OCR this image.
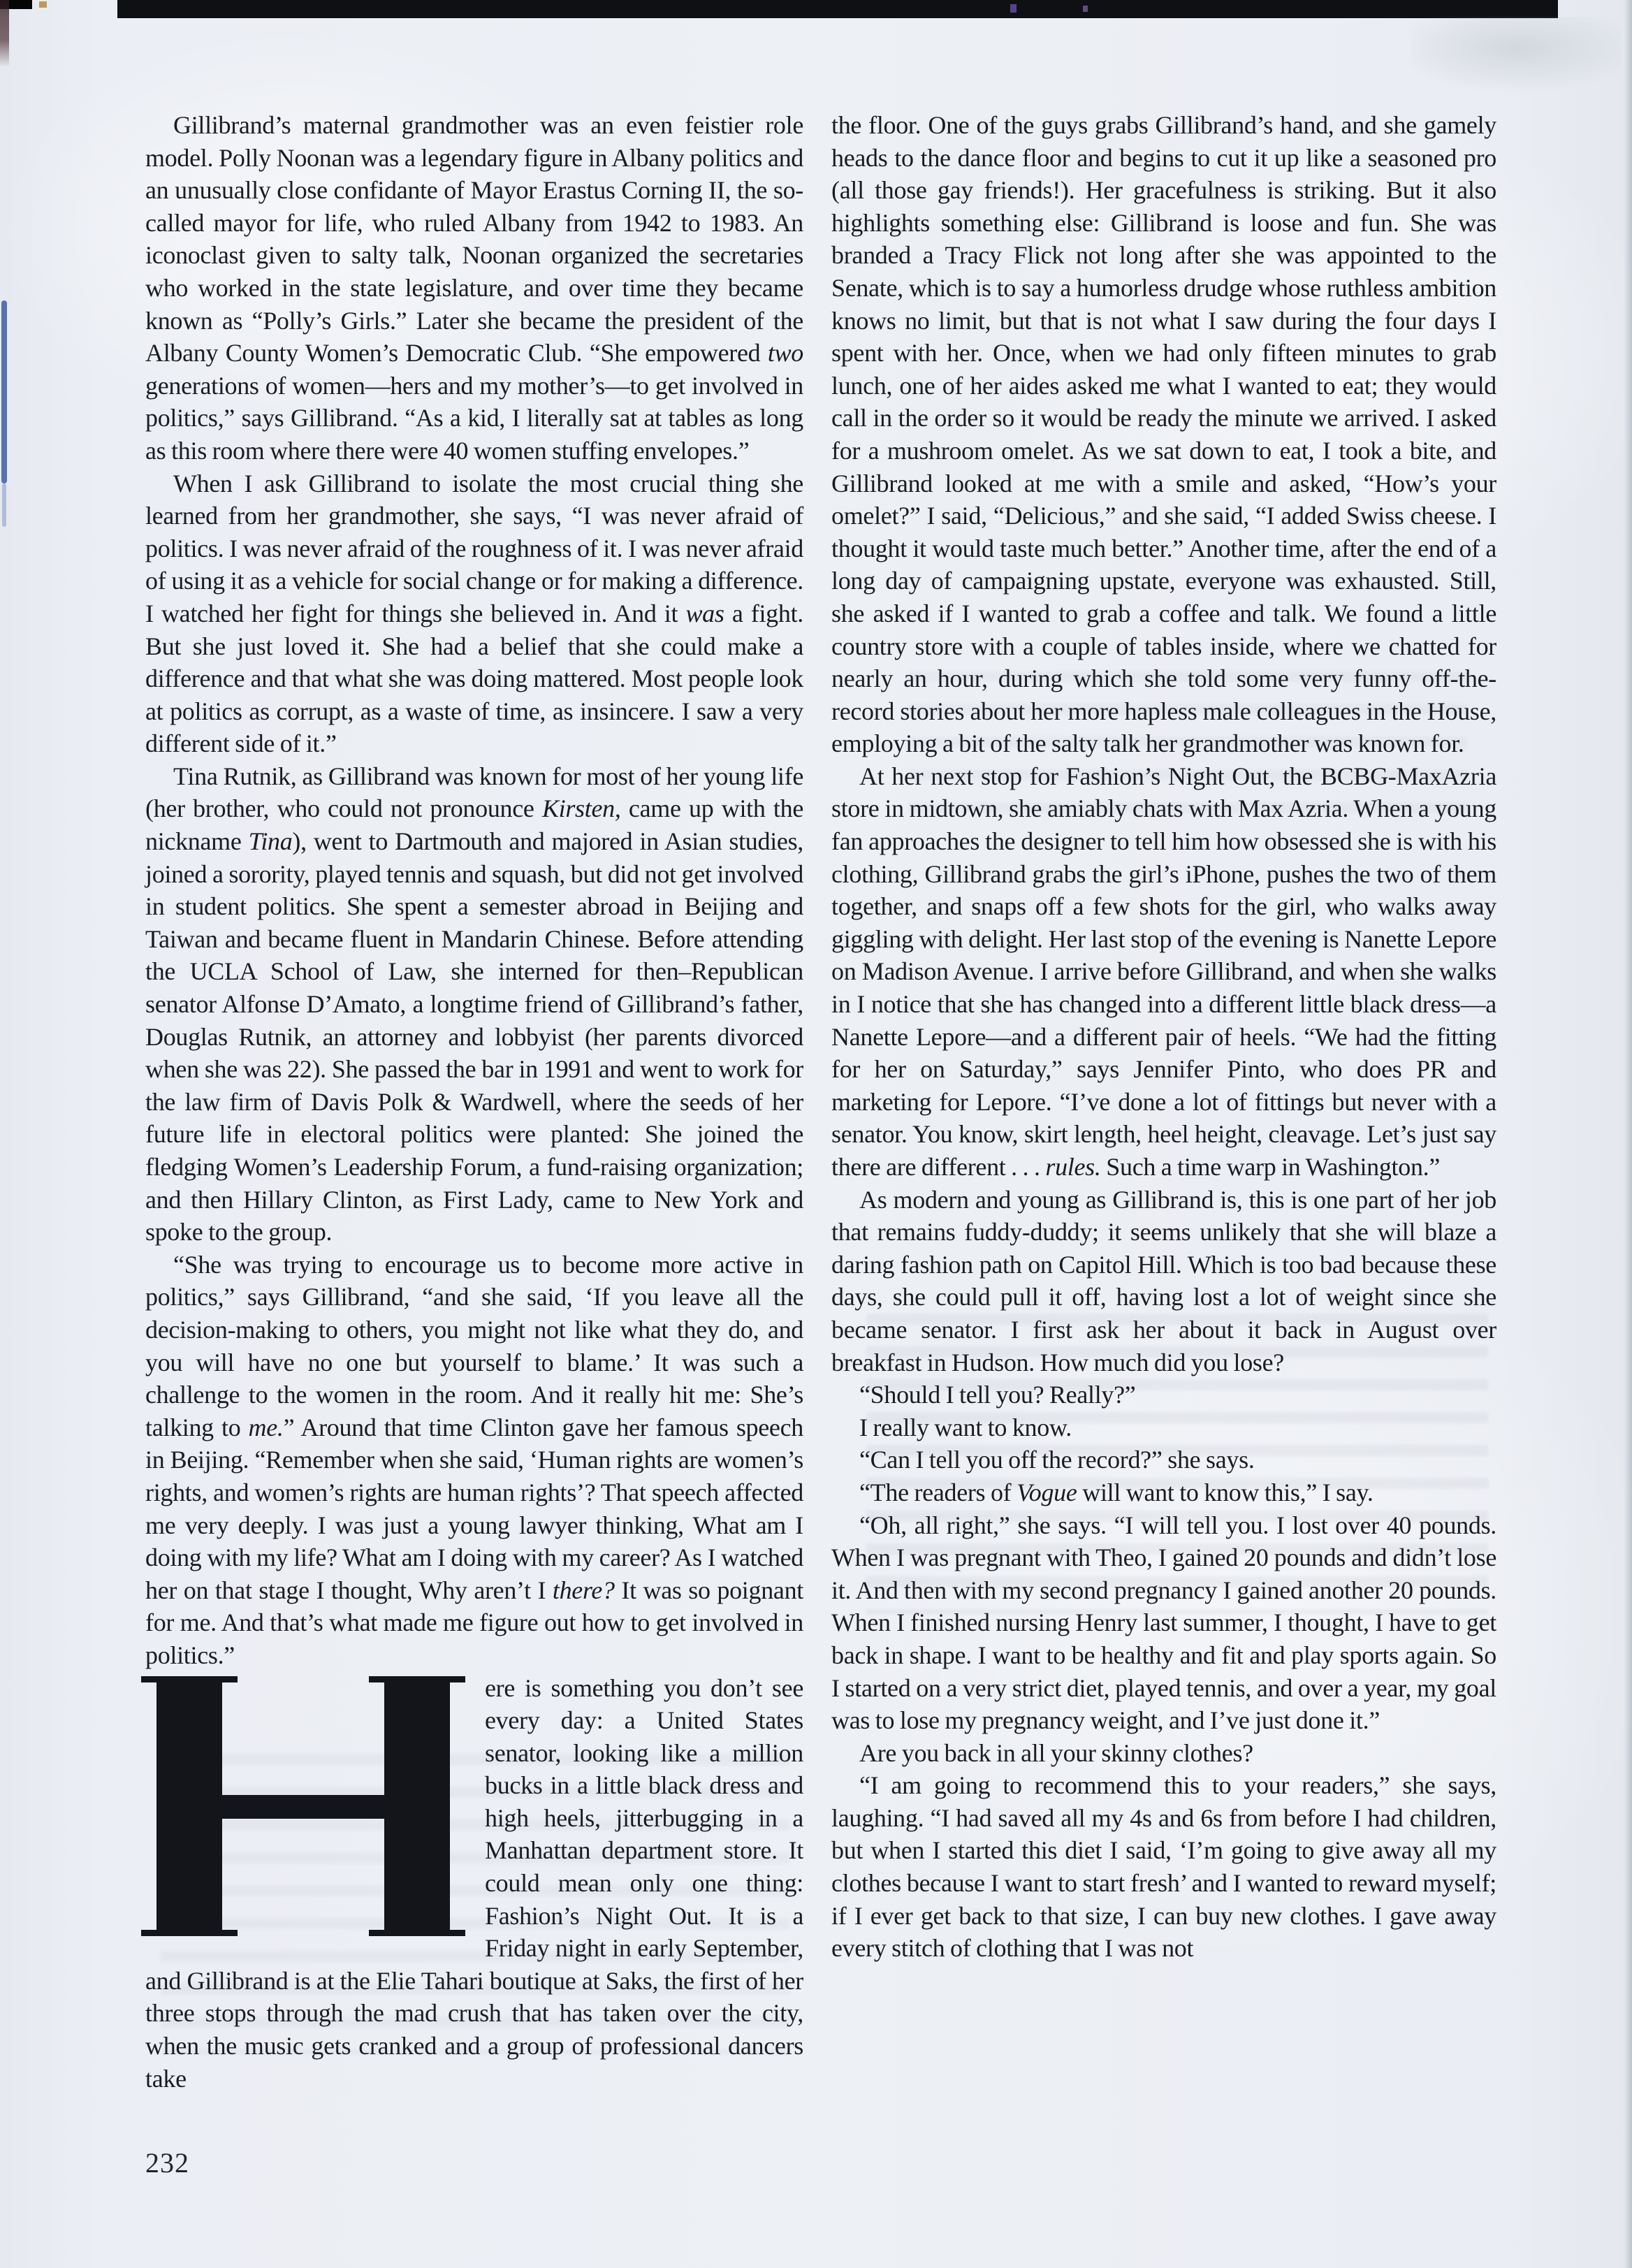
Gillibrand’s maternal grandmother was an even feistier role model. Polly Noonan was a legendary figure in Albany politics and an unusually close confidante of Mayor Erastus Corning II, the so-called mayor for life, who ruled Albany from 1942 to 1983. An iconoclast given to salty talk, Noonan organized the secretaries who worked in the state legislature, and over time they became known as “Polly’s Girls.” Later she became the president of the Albany County Women’s Democratic Club. “She empowered two generations of women—hers and my mother’s—to get involved in politics,” says Gillibrand. “As a kid, I literally sat at tables as long as this room where there were 40 women stuffing envelopes.”

When I ask Gillibrand to isolate the most crucial thing she learned from her grandmother, she says, “I was never afraid of politics. I was never afraid of the roughness of it. I was never afraid of using it as a vehicle for social change or for making a difference. I watched her fight for things she believed in. And it was a fight. But she just loved it. She had a belief that she could make a difference and that what she was doing mattered. Most people look at politics as corrupt, as a waste of time, as insincere. I saw a very different side of it.”

Tina Rutnik, as Gillibrand was known for most of her young life (her brother, who could not pronounce Kirsten, came up with the nickname Tina), went to Dartmouth and majored in Asian studies, joined a sorority, played tennis and squash, but did not get involved in student politics. She spent a semester abroad in Beijing and Taiwan and became fluent in Mandarin Chinese. Before attending the UCLA School of Law, she interned for then–Republican senator Alfonse D’Amato, a longtime friend of Gillibrand’s father, Douglas Rutnik, an attorney and lobbyist (her parents divorced when she was 22). She passed the bar in 1991 and went to work for the law firm of Davis Polk & Wardwell, where the seeds of her future life in electoral politics were planted: She joined the fledging Women’s Leadership Forum, a fund-raising organization; and then Hillary Clinton, as First Lady, came to New York and spoke to the group.

“She was trying to encourage us to become more active in politics,” says Gillibrand, “and she said, ‘If you leave all the decision-making to others, you might not like what they do, and you will have no one but yourself to blame.’ It was such a challenge to the women in the room. And it really hit me: She’s talking to me.” Around that time Clinton gave her famous speech in Beijing. “Remember when she said, ‘Human rights are women’s rights, and women’s rights are human rights’? That speech affected me very deeply. I was just a young lawyer thinking, What am I doing with my life? What am I doing with my career? As I watched her on that stage I thought, Why aren’t I there? It was so poignant for me. And that’s what made me figure out how to get involved in politics.”

ere is something you don’t see every day: a United States senator, looking like a million bucks in a little black dress and high heels, jitterbugging in a Manhattan department store. It could mean only one thing: Fashion’s Night Out. It is a Friday night in early September, and Gillibrand is at the Elie Tahari boutique at Saks, the first of her three stops through the mad crush that has taken over the city, when the music gets cranked and a group of professional dancers take

the floor. One of the guys grabs Gillibrand’s hand, and she gamely heads to the dance floor and begins to cut it up like a seasoned pro (all those gay friends!). Her gracefulness is striking. But it also highlights something else: Gillibrand is loose and fun. She was branded a Tracy Flick not long after she was appointed to the Senate, which is to say a humorless drudge whose ruthless ambition knows no limit, but that is not what I saw during the four days I spent with her. Once, when we had only fifteen minutes to grab lunch, one of her aides asked me what I wanted to eat; they would call in the order so it would be ready the minute we arrived. I asked for a mushroom omelet. As we sat down to eat, I took a bite, and Gillibrand looked at me with a smile and asked, “How’s your omelet?” I said, “Delicious,” and she said, “I added Swiss cheese. I thought it would taste much better.” Another time, after the end of a long day of campaigning upstate, everyone was exhausted. Still, she asked if I wanted to grab a coffee and talk. We found a little country store with a couple of tables inside, where we chatted for nearly an hour, during which she told some very funny off-the-record stories about her more hapless male colleagues in the House, employing a bit of the salty talk her grandmother was known for.

At her next stop for Fashion’s Night Out, the BCBG-MaxAzria store in midtown, she amiably chats with Max Azria. When a young fan approaches the designer to tell him how obsessed she is with his clothing, Gillibrand grabs the girl’s iPhone, pushes the two of them together, and snaps off a few shots for the girl, who walks away giggling with delight. Her last stop of the evening is Nanette Lepore on Madison Avenue. I arrive before Gillibrand, and when she walks in I notice that she has changed into a different little black dress—a Nanette Lepore—and a different pair of heels. “We had the fitting for her on Saturday,” says Jennifer Pinto, who does PR and marketing for Lepore. “I’ve done a lot of fittings but never with a senator. You know, skirt length, heel height, cleavage. Let’s just say there are different . . . rules. Such a time warp in Washington.”

As modern and young as Gillibrand is, this is one part of her job that remains fuddy-duddy; it seems unlikely that she will blaze a daring fashion path on Capitol Hill. Which is too bad because these days, she could pull it off, having lost a lot of weight since she became senator. I first ask her about it back in August over breakfast in Hudson. How much did you lose?

“Should I tell you? Really?”

I really want to know.

“Can I tell you off the record?” she says.

“The readers of Vogue will want to know this,” I say.

“Oh, all right,” she says. “I will tell you. I lost over 40 pounds. When I was pregnant with Theo, I gained 20 pounds and didn’t lose it. And then with my second pregnancy I gained another 20 pounds. When I finished nursing Henry last summer, I thought, I have to get back in shape. I want to be healthy and fit and play sports again. So I started on a very strict diet, played tennis, and over a year, my goal was to lose my pregnancy weight, and I’ve just done it.”

Are you back in all your skinny clothes?

“I am going to recommend this to your readers,” she says, laughing. “I had saved all my 4s and 6s from before I had children, but when I started this diet I said, ‘I’m going to give away all my clothes because I want to start fresh’ and I wanted to reward myself; if I ever get back to that size, I can buy new clothes. I gave away every stitch of clothing that I was not

232
